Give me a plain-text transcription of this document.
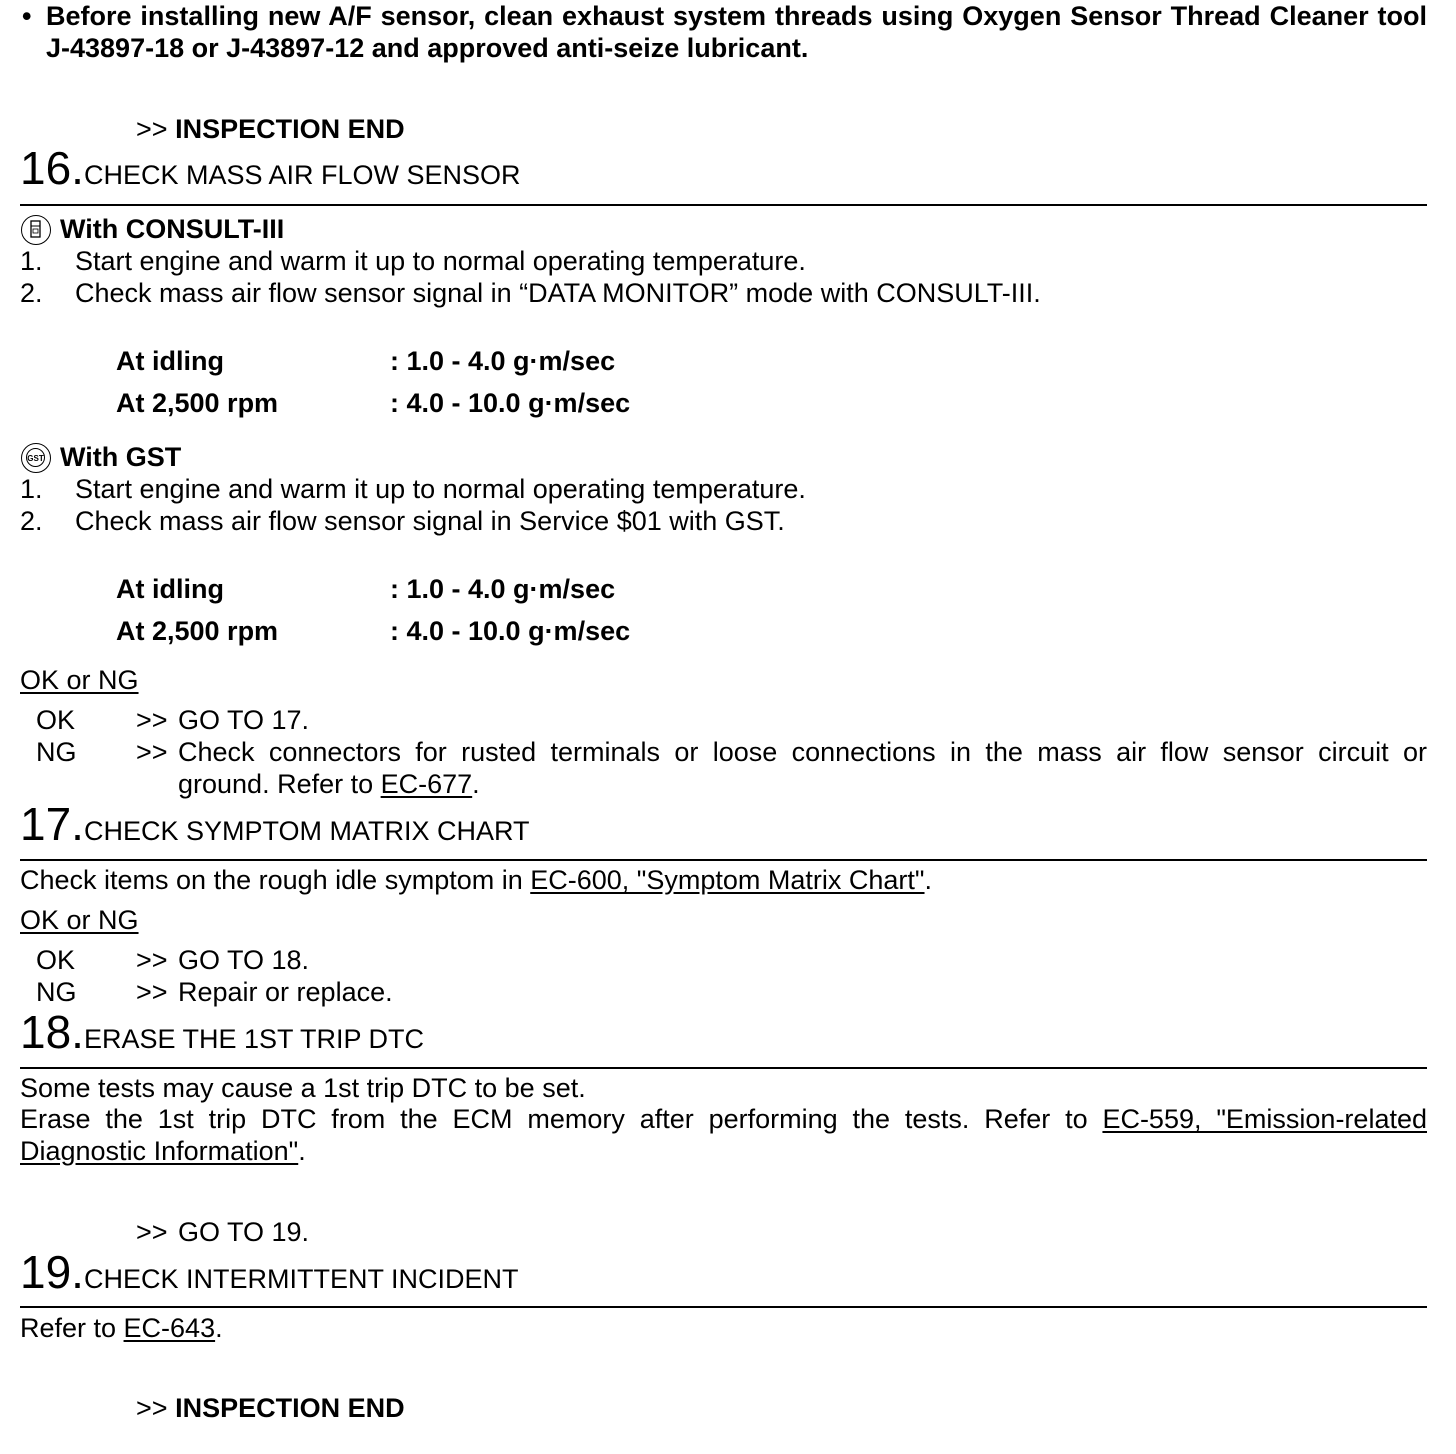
• Before installing new A/F sensor, clean exhaust system threads using Oxygen Sensor Thread Cleaner tool J-43897-18 or J-43897-12 and approved anti-seize lubricant.
>> INSPECTION END
16.CHECK MASS AIR FLOW SENSOR
With CONSULT-III
1. Start engine and warm it up to normal operating temperature.
2. Check mass air flow sensor signal in “DATA MONITOR” mode with CONSULT-III.
At idling	: 1.0 - 4.0 g·m/sec
At 2,500 rpm	: 4.0 - 10.0 g·m/sec
GST With GST
1. Start engine and warm it up to normal operating temperature.
2. Check mass air flow sensor signal in Service $01 with GST.
At idling	: 1.0 - 4.0 g·m/sec
At 2,500 rpm	: 4.0 - 10.0 g·m/sec
OK or NG
OK >> GO TO 17.
NG >> Check connectors for rusted terminals or loose connections in the mass air flow sensor circuit or
ground. Refer to EC-677.
17.CHECK SYMPTOM MATRIX CHART
Check items on the rough idle symptom in EC-600, "Symptom Matrix Chart".
OK or NG
OK >> GO TO 18.
NG >> Repair or replace.
18.ERASE THE 1ST TRIP DTC
Some tests may cause a 1st trip DTC to be set.
Erase the 1st trip DTC from the ECM memory after performing the tests. Refer to EC-559, "Emission-related Diagnostic Information".
>> GO TO 19.
19.CHECK INTERMITTENT INCIDENT
Refer to EC-643.
>> INSPECTION END
